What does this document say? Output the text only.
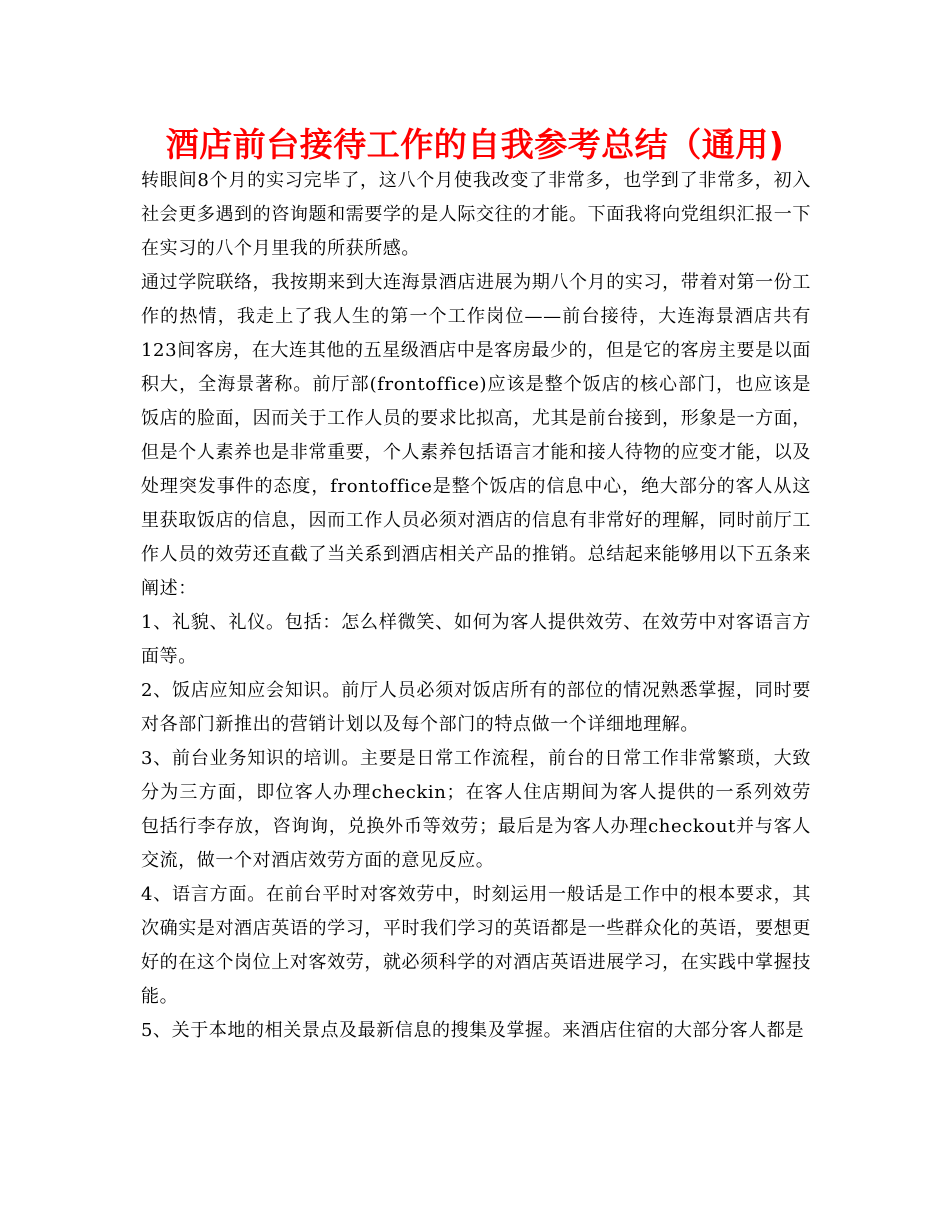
酒店前台接待工作的自我参考总结（通用)

转眼间8个月的实习完毕了，这八个月使我改变了非常多，也学到了非常多，初入社会更多遇到的咨询题和需要学的是人际交往的才能。下面我将向党组织汇报一下在实习的八个月里我的所获所感。

通过学院联络，我按期来到大连海景酒店进展为期八个月的实习，带着对第一份工作的热情，我走上了我人生的第一个工作岗位——前台接待，大连海景酒店共有123间客房，在大连其他的五星级酒店中是客房最少的，但是它的客房主要是以面积大，全海景著称。前厅部(frontoffice)应该是整个饭店的核心部门，也应该是饭店的脸面，因而关于工作人员的要求比拟高，尤其是前台接到，形象是一方面，但是个人素养也是非常重要，个人素养包括语言才能和接人待物的应变才能，以及处理突发事件的态度，frontoffice是整个饭店的信息中心，绝大部分的客人从这里获取饭店的信息，因而工作人员必须对酒店的信息有非常好的理解，同时前厅工作人员的效劳还直截了当关系到酒店相关产品的推销。总结起来能够用以下五条来阐述：

1、礼貌、礼仪。包括：怎么样微笑、如何为客人提供效劳、在效劳中对客语言方面等。

2、饭店应知应会知识。前厅人员必须对饭店所有的部位的情况熟悉掌握，同时要对各部门新推出的营销计划以及每个部门的特点做一个详细地理解。

3、前台业务知识的培训。主要是日常工作流程，前台的日常工作非常繁琐，大致分为三方面，即位客人办理checkin；在客人住店期间为客人提供的一系列效劳包括行李存放，咨询询，兑换外币等效劳；最后是为客人办理checkout并与客人交流，做一个对酒店效劳方面的意见反应。

4、语言方面。在前台平时对客效劳中，时刻运用一般话是工作中的根本要求，其次确实是对酒店英语的学习，平时我们学习的英语都是一些群众化的英语，要想更好的在这个岗位上对客效劳，就必须科学的对酒店英语进展学习，在实践中掌握技能。

5、关于本地的相关景点及最新信息的搜集及掌握。来酒店住宿的大部分客人都是
